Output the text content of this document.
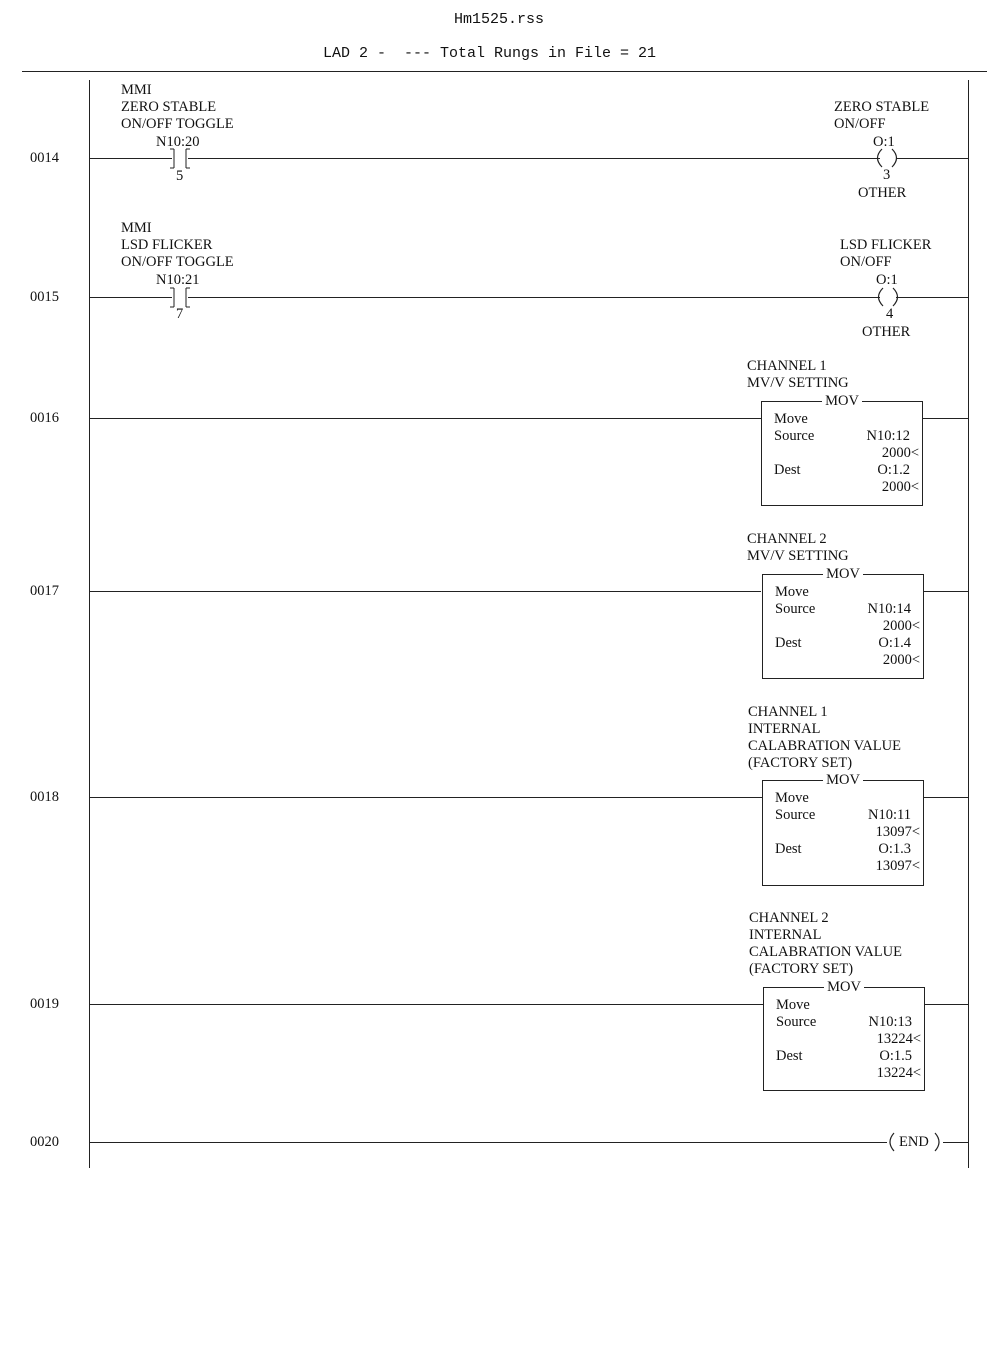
Hm1525.rss
LAD 2 -  --- Total Rungs in File = 21
0014
MMI
ZERO STABLE
ON/OFF TOGGLE
N10:20
5
ZERO STABLE
ON/OFF
O:1
3
OTHER
0015
MMI
LSD FLICKER
ON/OFF TOGGLE
N10:21
7
LSD FLICKER
ON/OFF
O:1
4
OTHER
0016
CHANNEL 1
MV/V SETTING
MOV
Move
Source	N10:12
2000<
Dest	O:1.2
2000<
0017
CHANNEL 2
MV/V SETTING
MOV
Move
Source	N10:14
2000<
Dest	O:1.4
2000<
0018
CHANNEL 1
INTERNAL
CALABRATION VALUE
(FACTORY SET)
MOV
Move
Source	N10:11
13097<
Dest	O:1.3
13097<
0019
CHANNEL 2
INTERNAL
CALABRATION VALUE
(FACTORY SET)
MOV
Move
Source	N10:13
13224<
Dest	O:1.5
13224<
0020	END
